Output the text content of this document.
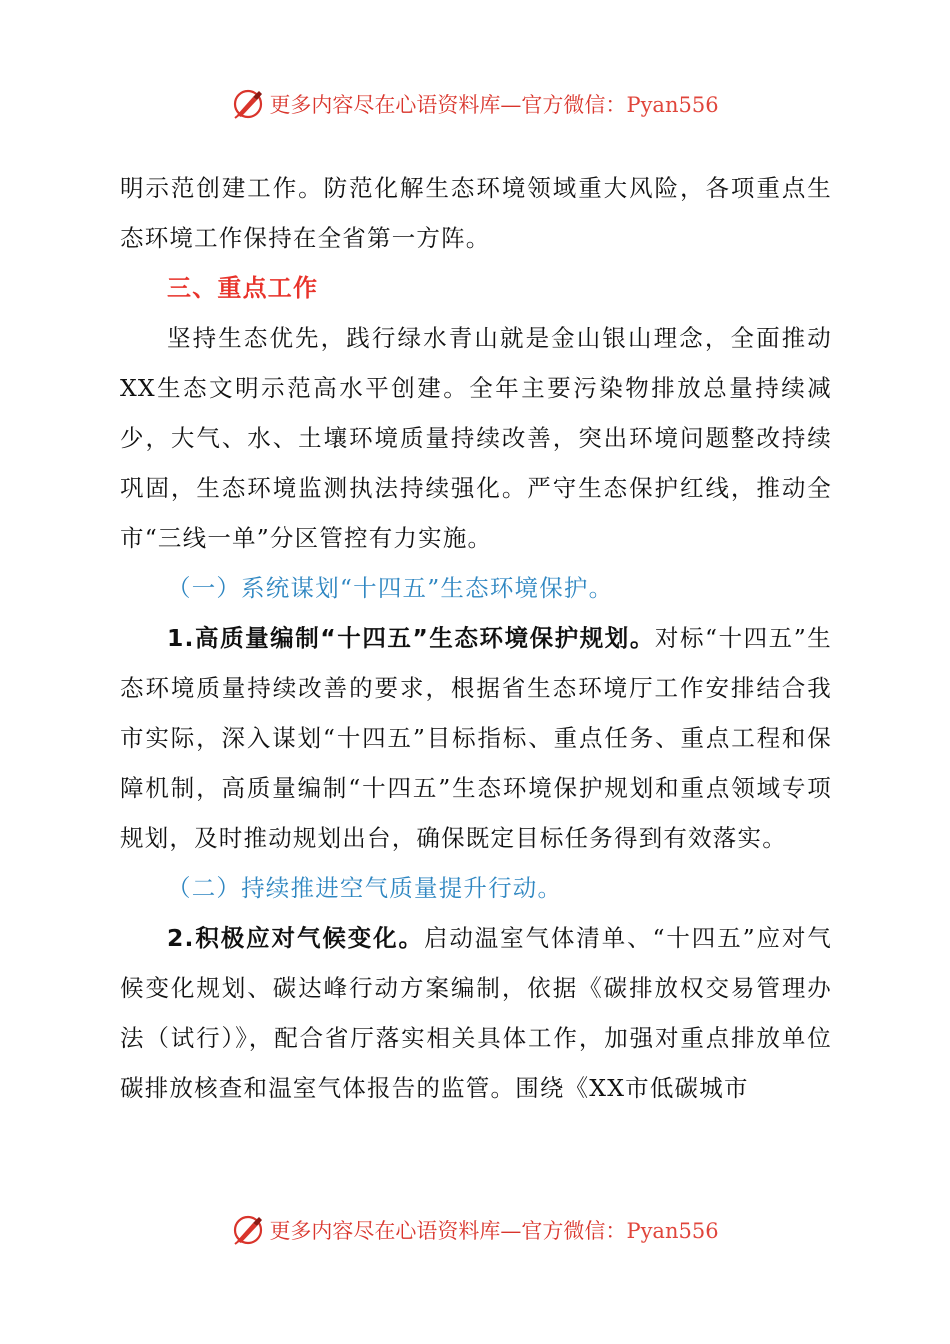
更多内容尽在心语资料库—官方微信：Pyan556

明示范创建工作。防范化解生态环境领域重大风险，各项重点生态环境工作保持在全省第一方阵。

三、重点工作

坚持生态优先，践行绿水青山就是金山银山理念，全面推动XX生态文明示范高水平创建。全年主要污染物排放总量持续减少，大气、水、土壤环境质量持续改善，突出环境问题整改持续巩固，生态环境监测执法持续强化。严守生态保护红线，推动全市“三线一单”分区管控有力实施。

（一）系统谋划“十四五”生态环境保护。

1.高质量编制“十四五”生态环境保护规划。对标“十四五”生态环境质量持续改善的要求，根据省生态环境厅工作安排结合我市实际，深入谋划“十四五”目标指标、重点任务、重点工程和保障机制，高质量编制“十四五”生态环境保护规划和重点领域专项规划，及时推动规划出台，确保既定目标任务得到有效落实。

（二）持续推进空气质量提升行动。

2.积极应对气候变化。启动温室气体清单、“十四五”应对气候变化规划、碳达峰行动方案编制，依据《碳排放权交易管理办法（试行）》，配合省厅落实相关具体工作，加强对重点排放单位碳排放核查和温室气体报告的监管。围绕《XX市低碳城市

更多内容尽在心语资料库—官方微信：Pyan556
